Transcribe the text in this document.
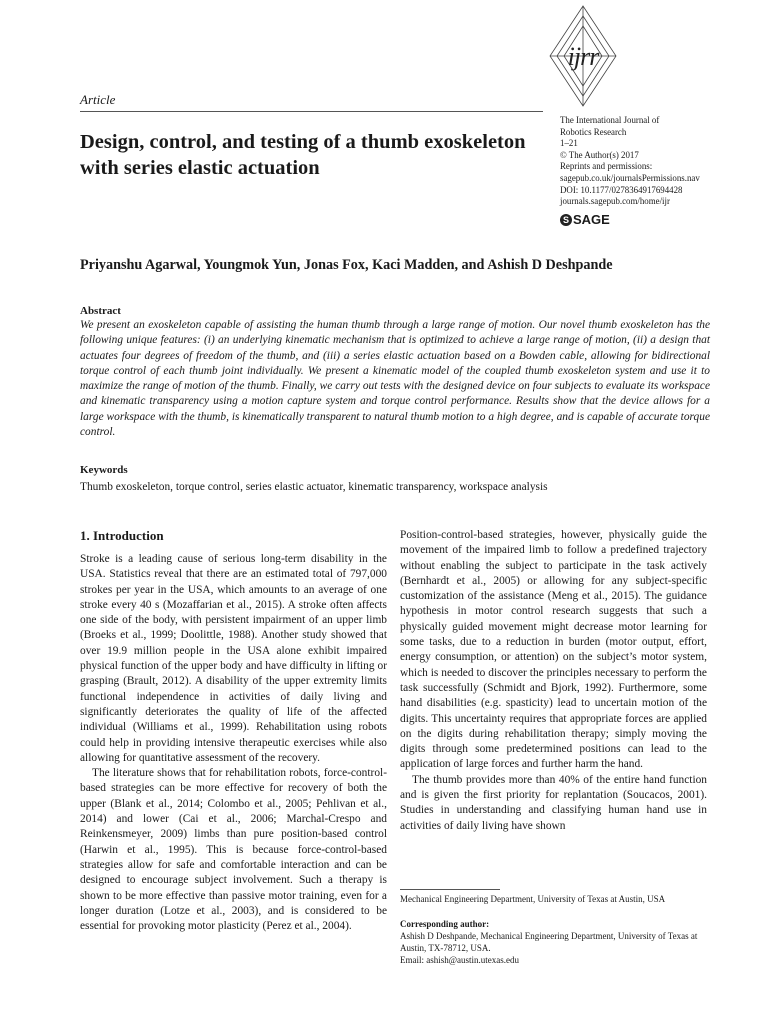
ijrr
Article
Design, control, and testing of a thumb exoskeleton with series elastic actuation
The International Journal of
Robotics Research
1–21
© The Author(s) 2017
Reprints and permissions:
sagepub.co.uk/journalsPermissions.nav
DOI: 10.1177/0278364917694428
journals.sagepub.com/home/ijr
S SAGE
Priyanshu Agarwal, Youngmok Yun, Jonas Fox, Kaci Madden, and Ashish D Deshpande
Abstract
We present an exoskeleton capable of assisting the human thumb through a large range of motion. Our novel thumb exoskeleton has the following unique features: (i) an underlying kinematic mechanism that is optimized to achieve a large range of motion, (ii) a design that actuates four degrees of freedom of the thumb, and (iii) a series elastic actuation based on a Bowden cable, allowing for bidirectional torque control of each thumb joint individually. We present a kinematic model of the coupled thumb exoskeleton system and use it to maximize the range of motion of the thumb. Finally, we carry out tests with the designed device on four subjects to evaluate its workspace and kinematic transparency using a motion capture system and torque control performance. Results show that the device allows for a large workspace with the thumb, is kinematically transparent to natural thumb motion to a high degree, and is capable of accurate torque control.
Keywords
Thumb exoskeleton, torque control, series elastic actuator, kinematic transparency, workspace analysis
1. Introduction

Stroke is a leading cause of serious long-term disability in the USA. Statistics reveal that there are an estimated total of 797,000 strokes per year in the USA, which amounts to an average of one stroke every 40 s (Mozaffarian et al., 2015). A stroke often affects one side of the body, with persistent impairment of an upper limb (Broeks et al., 1999; Doolittle, 1988). Another study showed that over 19.9 million people in the USA alone exhibit impaired physical function of the upper body and have difficulty in lifting or grasping (Brault, 2012). A disability of the upper extremity limits functional independence in activities of daily living and significantly deteriorates the quality of life of the affected individual (Williams et al., 1999). Rehabilitation using robots could help in providing intensive therapeutic exercises while also allowing for quantitative assessment of the recovery.

The literature shows that for rehabilitation robots, force-control-based strategies can be more effective for recovery of both the upper (Blank et al., 2014; Colombo et al., 2005; Pehlivan et al., 2014) and lower (Cai et al., 2006; Marchal-Crespo and Reinkensmeyer, 2009) limbs than pure position-based control (Harwin et al., 1995). This is because force-control-based strategies allow for safe and comfortable interaction and can be designed to encourage subject involvement. Such a therapy is shown to be more effective than passive motor training, even for a longer duration (Lotze et al., 2003), and is considered to be essential for provoking motor plasticity (Perez et al., 2004).

Position-control-based strategies, however, physically guide the movement of the impaired limb to follow a predefined trajectory without enabling the subject to participate in the task actively (Bernhardt et al., 2005) or allowing for any subject-specific customization of the assistance (Meng et al., 2015). The guidance hypothesis in motor control research suggests that such a physically guided movement might decrease motor learning for some tasks, due to a reduction in burden (motor output, effort, energy consumption, or attention) on the subject’s motor system, which is needed to discover the principles necessary to perform the task successfully (Schmidt and Bjork, 1992). Furthermore, some hand disabilities (e.g. spasticity) lead to uncertain motion of the digits. This uncertainty requires that appropriate forces are applied on the digits during rehabilitation therapy; simply moving the digits through some predetermined positions can lead to the application of large forces and further harm the hand.

The thumb provides more than 40% of the entire hand function and is given the first priority for replantation (Soucacos, 2001). Studies in understanding and classifying human hand use in activities of daily living have shown

Mechanical Engineering Department, University of Texas at Austin, USA
Corresponding author:
Ashish D Deshpande, Mechanical Engineering Department, University of Texas at Austin, TX-78712, USA.
Email: ashish@austin.utexas.edu
